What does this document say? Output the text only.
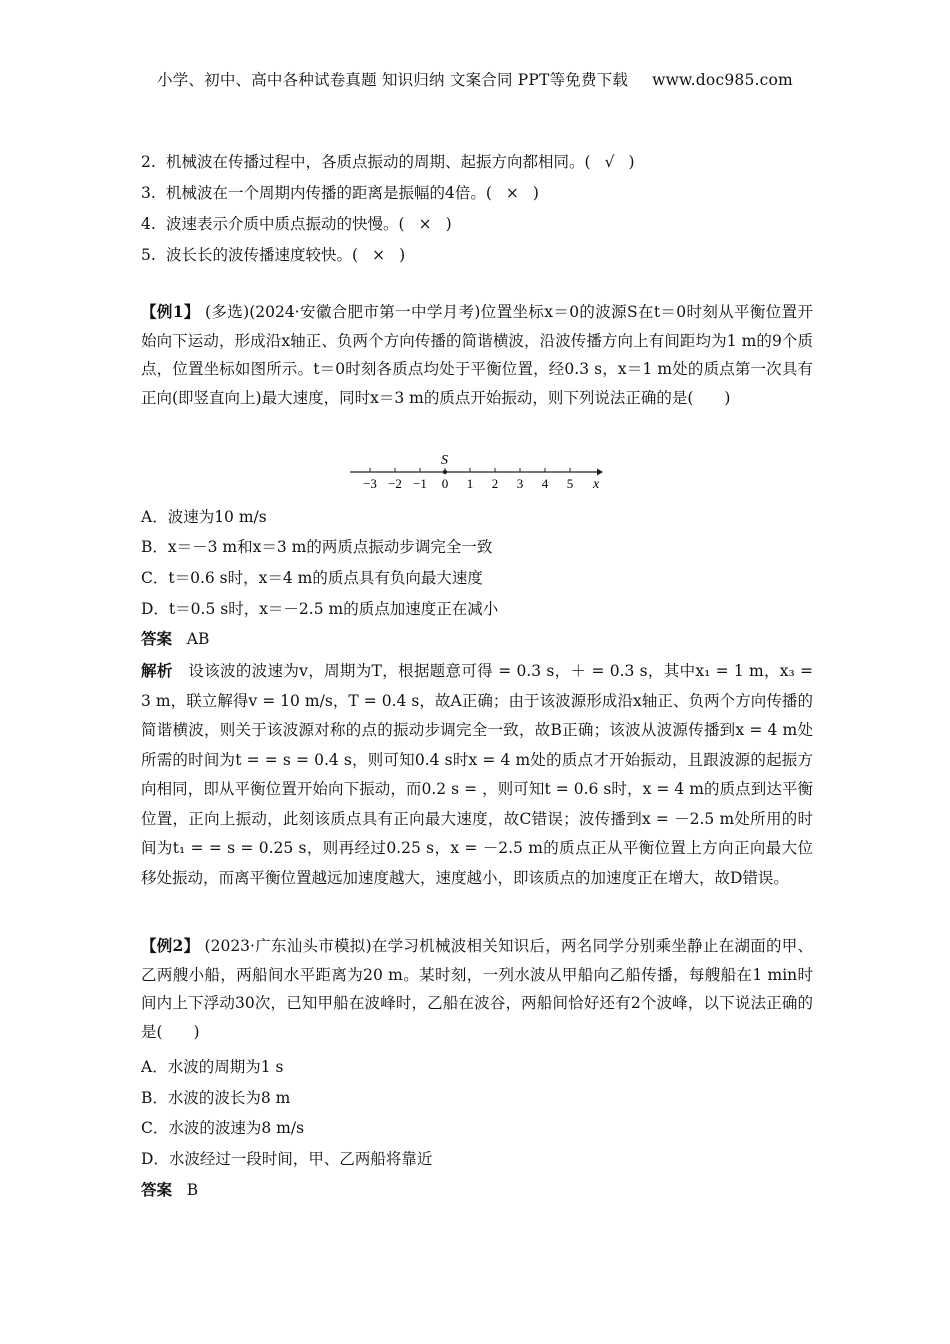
小学、初中、高中各种试卷真题 知识归纳 文案合同 PPT等免费下载 www.doc985.com
2. 机械波在传播过程中，各质点振动的周期、起振方向都相同。( √ )
3. 机械波在一个周期内传播的距离是振幅的4倍。( × )
4. 波速表示介质中质点振动的快慢。( × )
5. 波长长的波传播速度较快。( × )

【例1】 (多选)(2024·安徽合肥市第一中学月考)位置坐标x＝0的波源S在t＝0时刻从平衡位置开始向下运动，形成沿x轴正、负两个方向传播的简谐横波，沿波传播方向上有间距均为1 m的9个质点，位置坐标如图所示。t＝0时刻各质点均处于平衡位置，经0.3 s，x＝1 m处的质点第一次具有正向(即竖直向上)最大速度，同时x＝3 m的质点开始振动，则下列说法正确的是(　　)

−3 −2 −1 0 1 2 3 4 5
S
x
A．波速为10 m/s
B．x＝－3 m和x＝3 m的两质点振动步调完全一致
C．t＝0.6 s时，x＝4 m的质点具有负向最大速度
D．t＝0.5 s时，x＝－2.5 m的质点加速度正在减小
答案 AB

解析 设该波的波速为v，周期为T，根据题意可得 = 0.3 s，＋ = 0.3 s，其中x₁ = 1 m，x₃ = 3 m，联立解得v = 10 m/s，T = 0.4 s，故A正确；由于该波源形成沿x轴正、负两个方向传播的简谐横波，则关于该波源对称的点的振动步调完全一致，故B正确；该波从波源传播到x = 4 m处所需的时间为t = = s = 0.4 s，则可知0.4 s时x = 4 m处的质点才开始振动，且跟波源的起振方向相同，即从平衡位置开始向下振动，而0.2 s = ，则可知t = 0.6 s时，x = 4 m的质点到达平衡位置，正向上振动，此刻该质点具有正向最大速度，故C错误；波传播到x = －2.5 m处所用的时间为t₁ = = s = 0.25 s，则再经过0.25 s，x = －2.5 m的质点正从平衡位置上方向正向最大位移处振动，而离平衡位置越远加速度越大，速度越小，即该质点的加速度正在增大，故D错误。

【例2】 (2023·广东汕头市模拟)在学习机械波相关知识后，两名同学分别乘坐静止在湖面的甲、乙两艘小船，两船间水平距离为20 m。某时刻，一列水波从甲船向乙船传播，每艘船在1 min时间内上下浮动30次，已知甲船在波峰时，乙船在波谷，两船间恰好还有2个波峰，以下说法正确的是(　　)

A．水波的周期为1 s
B．水波的波长为8 m
C．水波的波速为8 m/s
D．水波经过一段时间，甲、乙两船将靠近
答案 B
